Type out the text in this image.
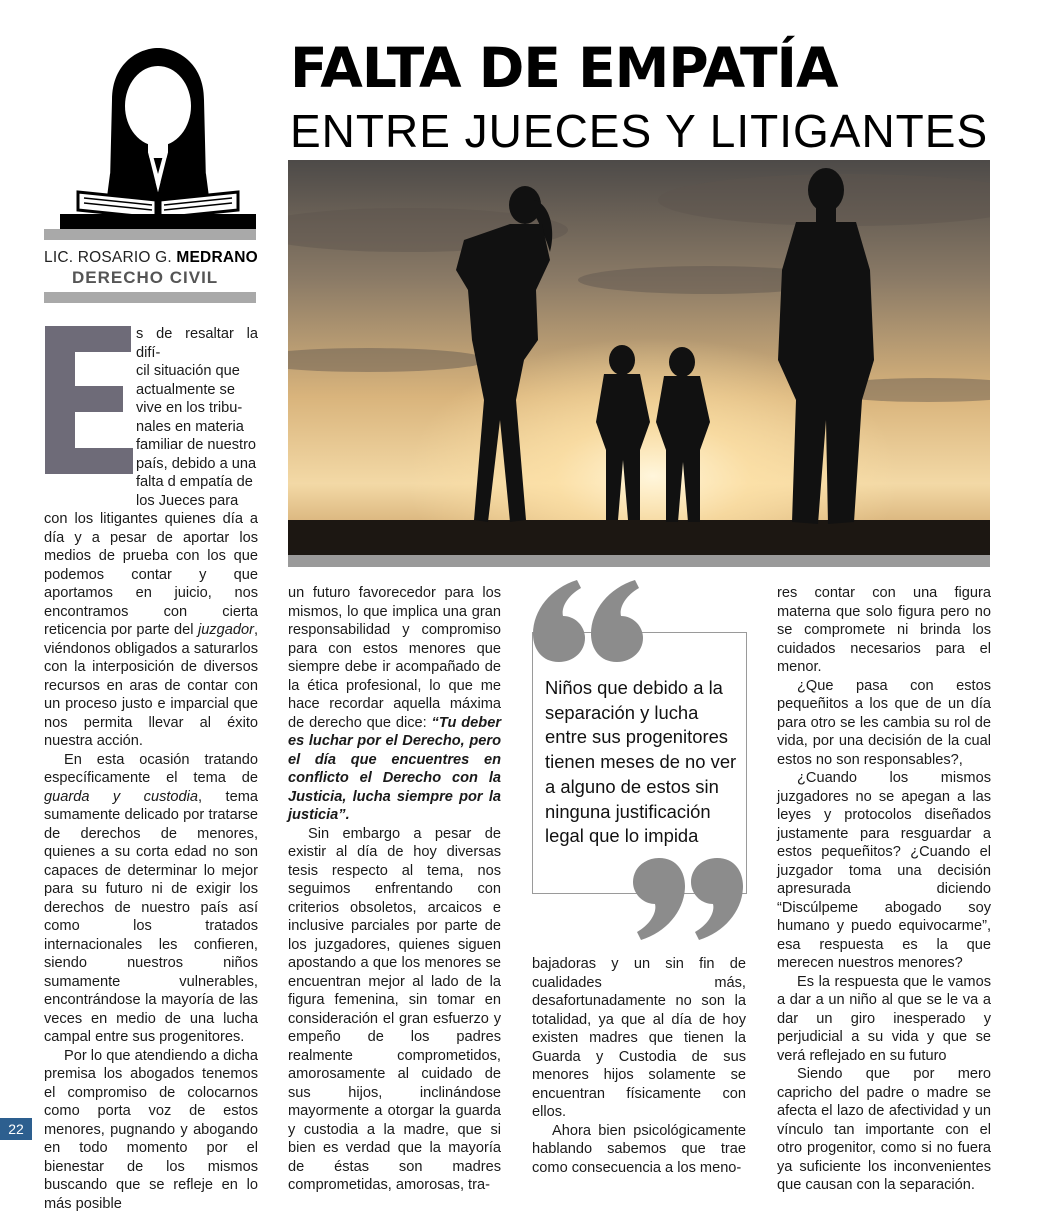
LIC. ROSARIO G. MEDRANO
DERECHO CIVIL
FALTA DE EMPATÍA
ENTRE JUECES Y LITIGANTES

s de resaltar la difí-

cil situación que

actualmente se

vive en los tribu-

nales en materia

familiar de nuestro

país, debido a una

falta d empatía de

los Jueces para

con los litigantes quienes día a día y a pesar de aportar los medios de prueba con los que podemos contar y que aportamos en juicio, nos encontramos con cierta reticencia por parte del juzgador, viéndonos obligados a saturarlos con la interposición de diversos recursos en aras de contar con un proceso justo e imparcial que nos permita llevar al éxito nuestra acción.

En esta ocasión tratando específicamente el tema de guarda y custodia, tema sumamente delicado por tratarse de derechos de menores, quienes a su corta edad no son capaces de determinar lo mejor para su futuro ni de exigir los derechos de nuestro país así como los tratados internacionales les confieren, siendo nuestros niños sumamente vulnerables, encontrándose la mayoría de las veces en medio de una lucha campal entre sus progenitores.

Por lo que atendiendo a dicha premisa los abogados tenemos el compromiso de colocarnos como porta voz de estos menores, pugnando y abogando en todo momento por el bienestar de los mismos buscando que se refleje en lo más posible

un futuro favorecedor para los mismos, lo que implica una gran responsabilidad y compromiso para con estos menores que siempre debe ir acompañado de la ética profesional, lo que me hace recordar aquella máxima de derecho que dice: “Tu deber es luchar por el Derecho, pero el día que encuentres en conflicto el Derecho con la Justicia, lucha siempre por la justicia”.

Sin embargo a pesar de existir al día de hoy diversas tesis respecto al tema, nos seguimos enfrentando con criterios obsoletos, arcaicos e inclusive parciales por parte de los juzgadores, quienes siguen apostando a que los menores se encuentran mejor al lado de la figura femenina, sin tomar en consideración el gran esfuerzo y empeño de los padres realmente comprometidos, amorosamente al cuidado de sus hijos, inclinándose mayormente a otorgar la guarda y custodia a la madre, que si bien es verdad que la mayoría de éstas son madres comprometidas, amorosas, tra-

Niños que debido a la separación y lucha entre sus progenitores tienen meses de no ver a alguno de estos sin ninguna justificación legal que lo impida

bajadoras y un sin fin de cualidades más, desafortunadamente no son la totalidad, ya que al día de hoy existen madres que tienen la Guarda y Custodia de sus menores hijos solamente se encuentran físicamente con ellos.

Ahora bien psicológicamente hablando sabemos que trae como consecuencia a los meno-

res contar con una figura materna que solo figura pero no se compromete ni brinda los cuidados necesarios para el menor.

¿Que pasa con estos pequeñitos a los que de un día para otro se les cambia su rol de vida, por una decisión de la cual estos no son responsables?,

¿Cuando los mismos juzgadores no se apegan a las leyes y protocolos diseñados justamente para resguardar a estos pequeñitos? ¿Cuando el juzgador toma una decisión apresurada diciendo “Discúlpeme abogado soy humano y puedo equivocarme”, esa respuesta es la que merecen nuestros menores?

Es la respuesta que le vamos a dar a un niño al que se le va a dar un giro inesperado y perjudicial a su vida y que se verá reflejado en su futuro

Siendo que por mero capricho del padre o madre se afecta el lazo de afectividad y un vínculo tan importante con el otro progenitor, como si no fuera ya suficiente los inconvenientes que causan con la separación.

22
